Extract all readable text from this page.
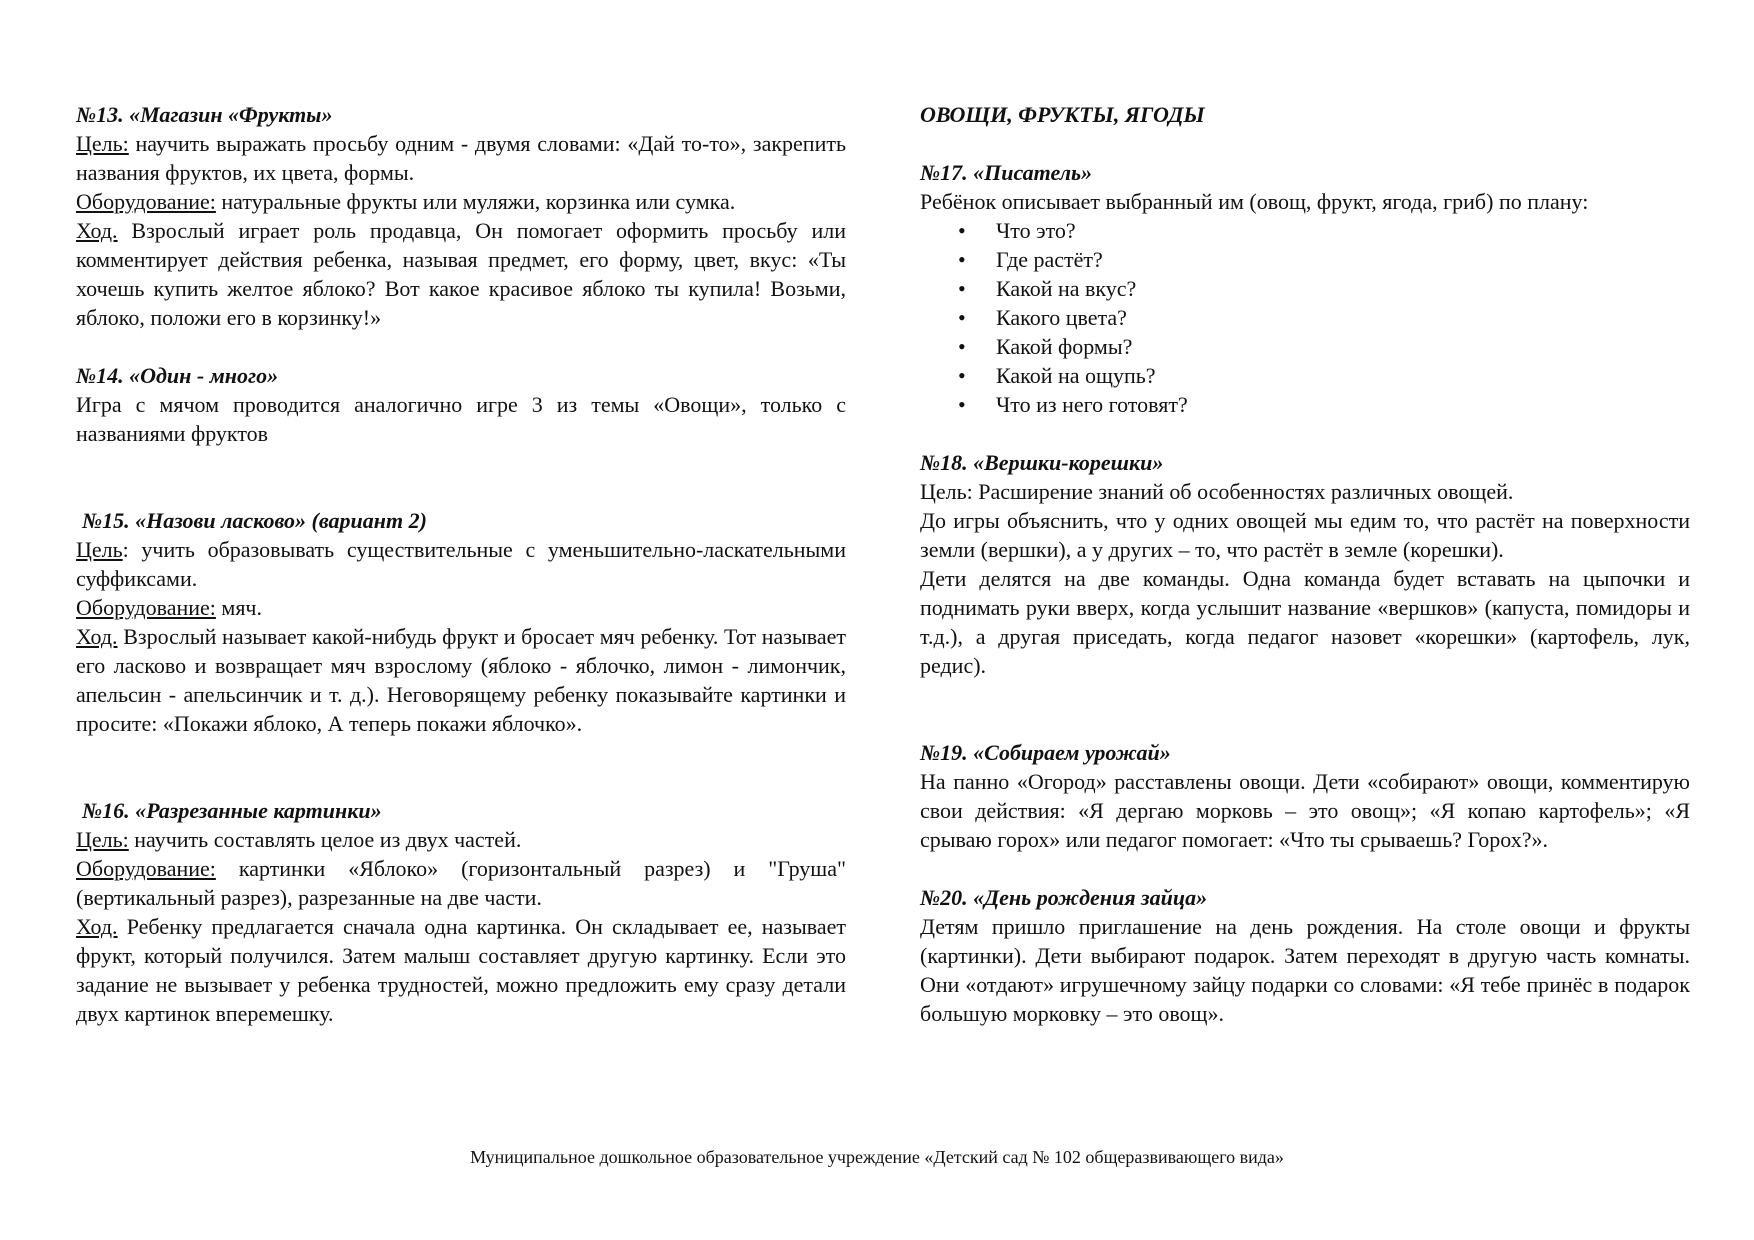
№13. «Магазин «Фрукты»

Цель: научить выражать просьбу одним - двумя словами: «Дай то-то», закрепить названия фруктов, их цвета, формы.

Оборудование: натуральные фрукты или муляжи, корзинка или сумка.

Ход. Взрослый играет роль продавца, Он помогает оформить просьбу или комментирует действия ребенка, называя предмет, его форму, цвет, вкус: «Ты хочешь купить желтое яблоко? Вот какое красивое яблоко ты купила! Возьми, яблоко, положи его в корзинку!»

№14. «Один - много»

Игра с мячом проводится аналогично игре 3 из темы «Овощи», только с названиями фруктов

№15. «Назови ласково» (вариант 2)

Цель: учить образовывать существительные с уменьшительно-ласкательными суффиксами.

Оборудование: мяч.

Ход. Взрослый называет какой-нибудь фрукт и бросает мяч ребенку. Тот называет его ласково и возвращает мяч взрослому (яблоко - яблочко, лимон - лимончик, апельсин - апельсинчик и т. д.). Неговорящему ребенку показывайте картинки и просите: «Покажи яблоко, А теперь покажи яблочко».

№16. «Разрезанные картинки»

Цель: научить составлять целое из двух частей.

Оборудование: картинки «Яблоко» (горизонтальный разрез) и "Груша" (вертикальный разрез), разрезанные на две части.

Ход. Ребенку предлагается сначала одна картинка. Он складывает ее, называет фрукт, который получился. Затем малыш составляет другую картинку. Если это задание не вызывает у ребенка трудностей, можно предложить ему сразу детали двух картинок вперемешку.

ОВОЩИ, ФРУКТЫ, ЯГОДЫ

№17. «Писатель»

Ребёнок описывает выбранный им (овощ, фрукт, ягода, гриб) по плану:

• Что это?
• Где растёт?
• Какой на вкус?
• Какого цвета?
• Какой формы?
• Какой на ощупь?
• Что из него готовят?

№18. «Вершки-корешки»

Цель: Расширение знаний об особенностях различных овощей.

До игры объяснить, что у одних овощей мы едим то, что растёт на поверхности земли (вершки), а у других – то, что растёт в земле (корешки).

Дети делятся на две команды. Одна команда будет вставать на цыпочки и поднимать руки вверх, когда услышит название «вершков» (капуста, помидоры и т.д.), а другая приседать, когда педагог назовет «корешки» (картофель, лук, редис).

№19. «Собираем урожай»

На панно «Огород» расставлены овощи. Дети «собирают» овощи, комментирую свои действия: «Я дергаю морковь – это овощ»; «Я копаю картофель»; «Я срываю горох» или педагог помогает: «Что ты срываешь? Горох?».

№20. «День рождения зайца»

Детям пришло приглашение на день рождения. На столе овощи и фрукты (картинки). Дети выбирают подарок. Затем переходят в другую часть комнаты. Они «отдают» игрушечному зайцу подарки со словами: «Я тебе принёс в подарок большую морковку – это овощ».

Муниципальное дошкольное образовательное учреждение «Детский сад № 102 общеразвивающего вида»
